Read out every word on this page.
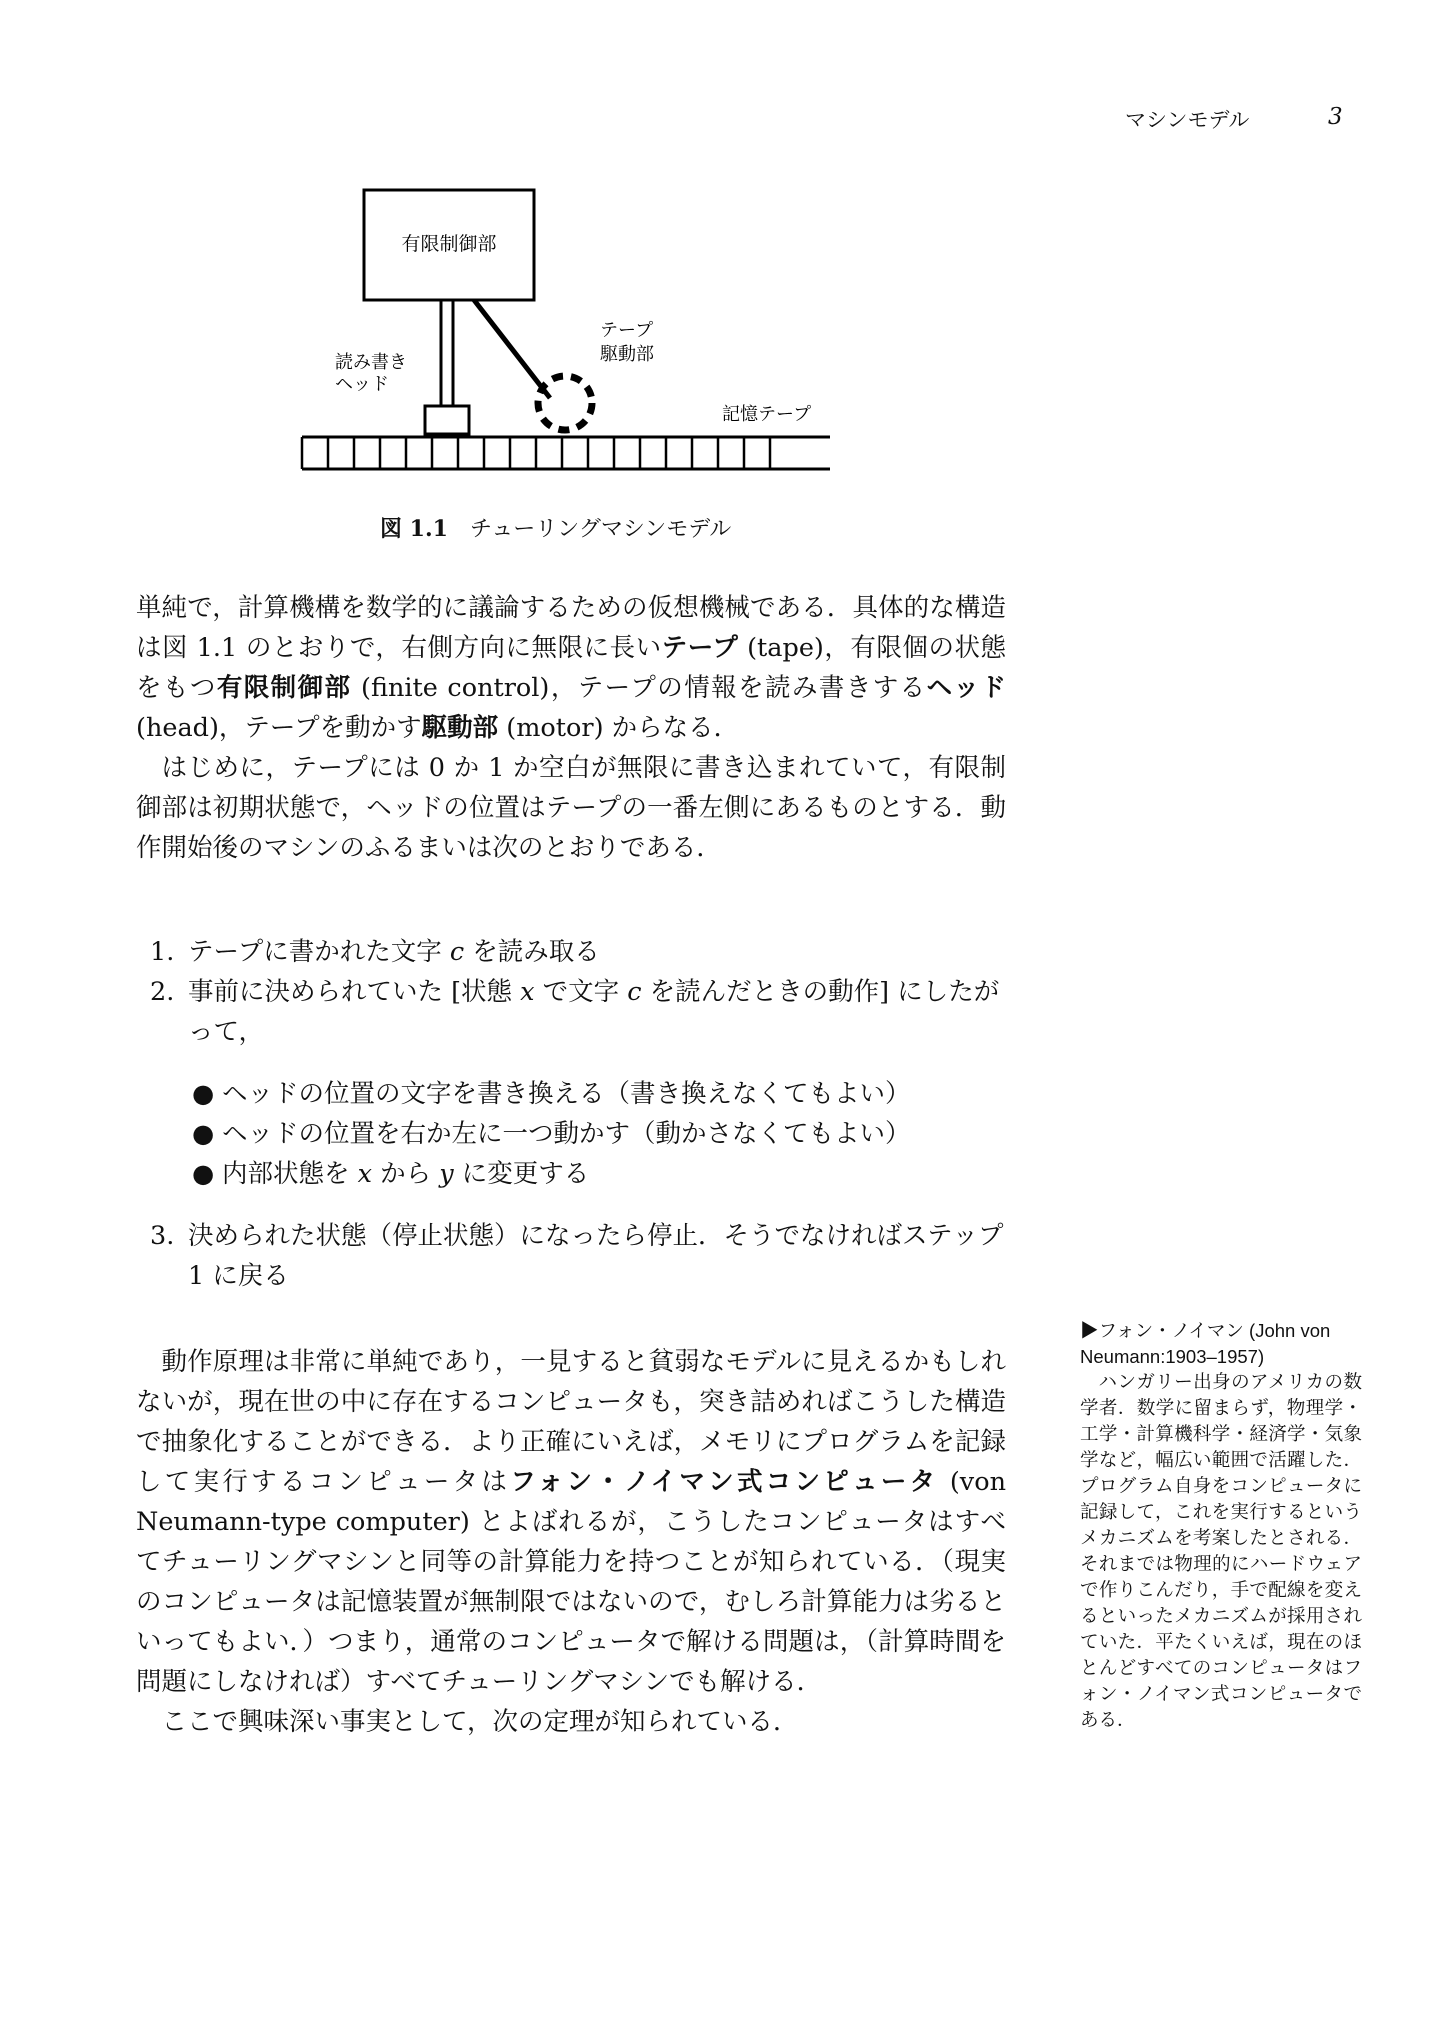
マシンモデル	3
有限制御部
読み書き
ヘッド
テープ
駆動部
記憶テープ
図 1.1 チューリングマシンモデル

単純で，計算機構を数学的に議論するための仮想機械である．具体的な構造は図 1.1 のとおりで，右側方向に無限に長いテープ (tape)，有限個の状態をもつ有限制御部 (finite control)，テープの情報を読み書きするヘッド (head)，テープを動かす駆動部 (motor) からなる．

はじめに，テープには 0 か 1 か空白が無限に書き込まれていて，有限制御部は初期状態で，ヘッドの位置はテープの一番左側にあるものとする．動作開始後のマシンのふるまいは次のとおりである．

1. テープに書かれた文字 c を読み取る
2. 事前に決められていた [状態 x で文字 c を読んだときの動作] にしたがって，
● ヘッドの位置の文字を書き換える（書き換えなくてもよい）
● ヘッドの位置を右か左に一つ動かす（動かさなくてもよい）
● 内部状態を x から y に変更する
3. 決められた状態（停止状態）になったら停止．そうでなければステップ 1 に戻る

動作原理は非常に単純であり，一見すると貧弱なモデルに見えるかもしれないが，現在世の中に存在するコンピュータも，突き詰めればこうした構造で抽象化することができる．より正確にいえば，メモリにプログラムを記録して実行するコンピュータはフォン・ノイマン式コンピュータ (von Neumann-type computer) とよばれるが，こうしたコンピュータはすべてチューリングマシンと同等の計算能力を持つことが知られている．（現実のコンピュータは記憶装置が無制限ではないので，むしろ計算能力は劣るといってもよい．）つまり，通常のコンピュータで解ける問題は，（計算時間を問題にしなければ）すべてチューリングマシンでも解ける．

ここで興味深い事実として，次の定理が知られている．

▶フォン・ノイマン (John von Neumann:1903–1957)
ハンガリー出身のアメリカの数学者．数学に留まらず，物理学・工学・計算機科学・経済学・気象学など，幅広い範囲で活躍した．プログラム自身をコンピュータに記録して，これを実行するというメカニズムを考案したとされる．それまでは物理的にハードウェアで作りこんだり，手で配線を変えるといったメカニズムが採用されていた．平たくいえば，現在のほとんどすべてのコンピュータはフォン・ノイマン式コンピュータである．
